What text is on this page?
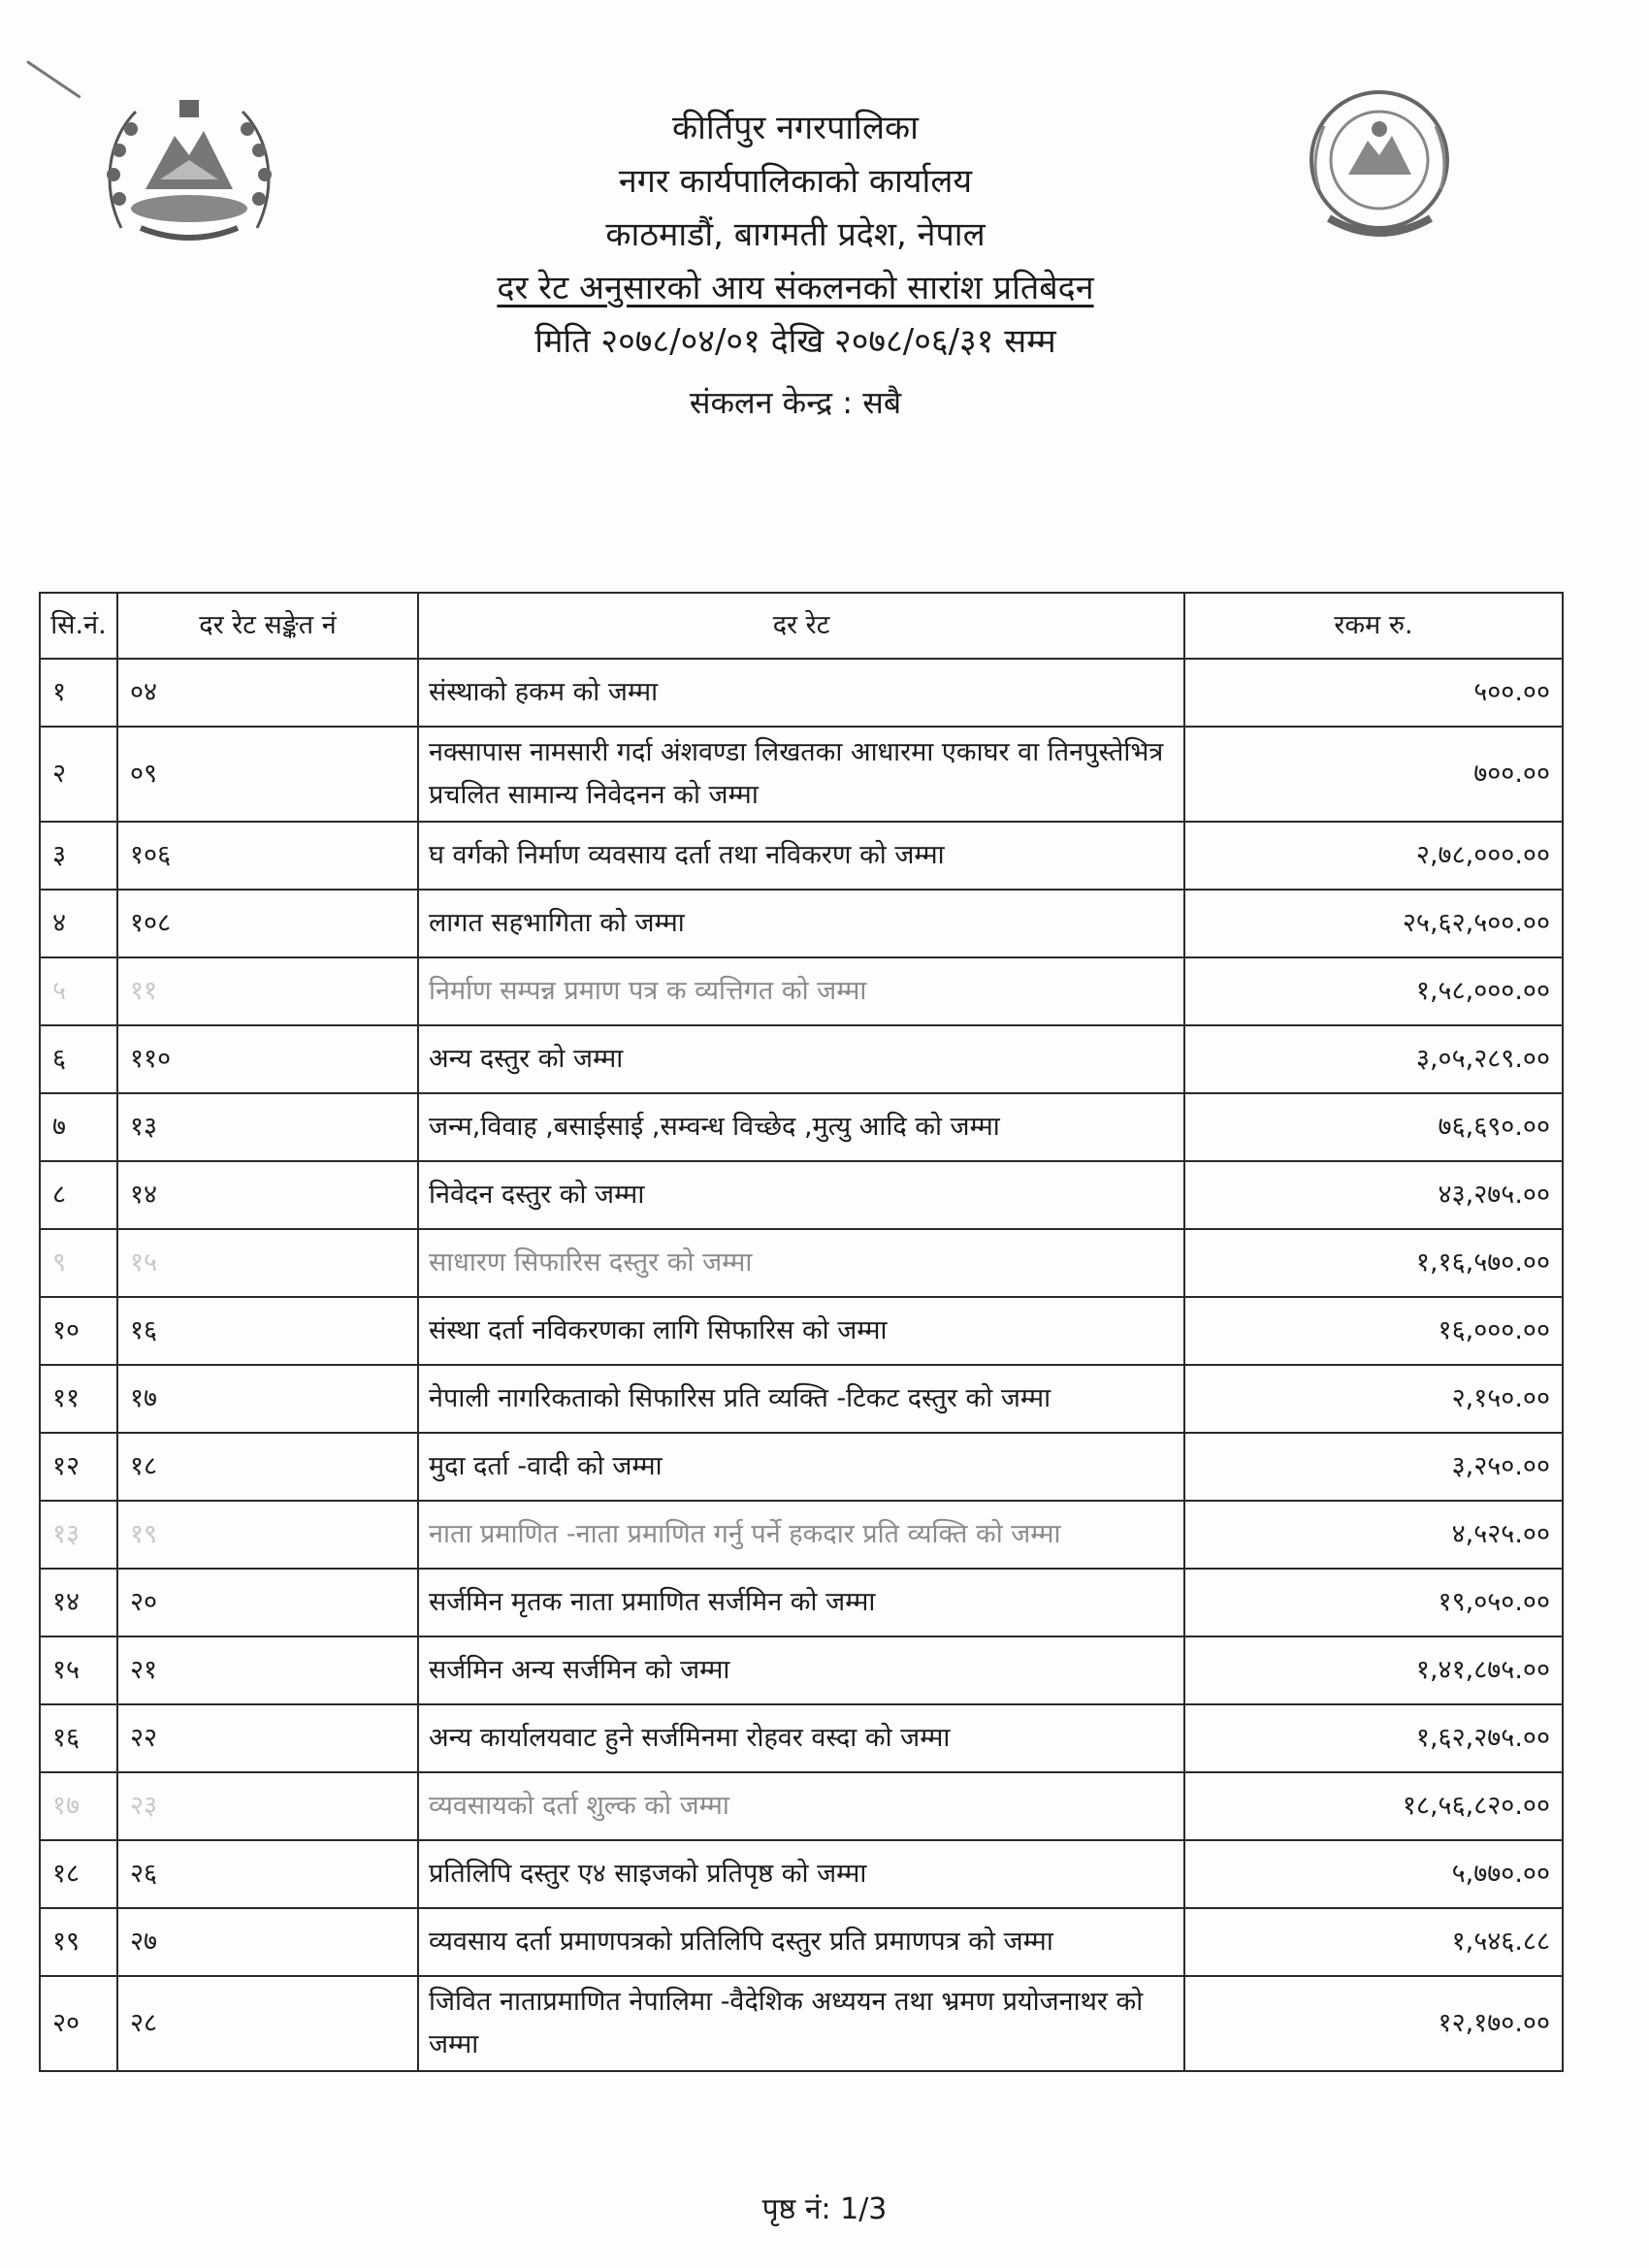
कीर्तिपुर नगरपालिका
नगर कार्यपालिकाको कार्यालय
काठमाडौं, बागमती प्रदेश, नेपाल
दर रेट अनुसारको आय संकलनको सारांश प्रतिबेदन
मिति २०७८/०४/०१ देखि २०७८/०६/३१ सम्म
संकलन केन्द्र : सबै
सि.नं.	दर रेट सङ्केत नं	दर रेट	रकम रु.
१	०४	संस्थाको हकम को जम्मा	५००.००
२	०९	नक्सापास नामसारी गर्दा अंशवण्डा लिखतका आधारमा एकाघर वा तिनपुस्तेभित्र प्रचलित सामान्य निवेदनन को जम्मा	७००.००
३	१०६	घ वर्गको निर्माण व्यवसाय दर्ता तथा नविकरण को जम्मा	२,७८,०००.००
४	१०८	लागत सहभागिता को जम्मा	२५,६२,५००.००
५	११	निर्माण सम्पन्न प्रमाण पत्र क व्यत्तिगत को जम्मा	१,५८,०००.००
६	११०	अन्य दस्तुर को जम्मा	३,०५,२८९.००
७	१३	जन्म,विवाह ,बसाईसाई ,सम्वन्ध विच्छेद ,मुत्यु आदि को जम्मा	७६,६९०.००
८	१४	निवेदन दस्तुर को जम्मा	४३,२७५.००
९	१५	साधारण सिफारिस दस्तुर को जम्मा	१,१६,५७०.००
१०	१६	संस्था दर्ता नविकरणका लागि सिफारिस को जम्मा	१६,०००.००
११	१७	नेपाली नागरिकताको सिफारिस प्रति व्यक्ति -टिकट दस्तुर को जम्मा	२,१५०.००
१२	१८	मुदा दर्ता -वादी को जम्मा	३,२५०.००
१३	१९	नाता प्रमाणित -नाता प्रमाणित गर्नु पर्ने हकदार प्रति व्यक्ति को जम्मा	४,५२५.००
१४	२०	सर्जमिन मृतक नाता प्रमाणित सर्जमिन को जम्मा	१९,०५०.००
१५	२१	सर्जमिन अन्य सर्जमिन को जम्मा	१,४१,८७५.००
१६	२२	अन्य कार्यालयवाट हुने सर्जमिनमा रोहवर वस्दा को जम्मा	१,६२,२७५.००
१७	२३	व्यवसायको दर्ता शुल्क को जम्मा	१८,५६,८२०.००
१८	२६	प्रतिलिपि दस्तुर ए४ साइजको प्रतिपृष्ठ को जम्मा	५,७७०.००
१९	२७	व्यवसाय दर्ता प्रमाणपत्रको प्रतिलिपि दस्तुर प्रति प्रमाणपत्र को जम्मा	१,५४६.८८
२०	२८	जिवित नाताप्रमाणित नेपालिमा -वैदेशिक अध्ययन तथा भ्रमण प्रयोजनाथर को जम्मा	१२,१७०.००
पृष्ठ नं: 1/3
